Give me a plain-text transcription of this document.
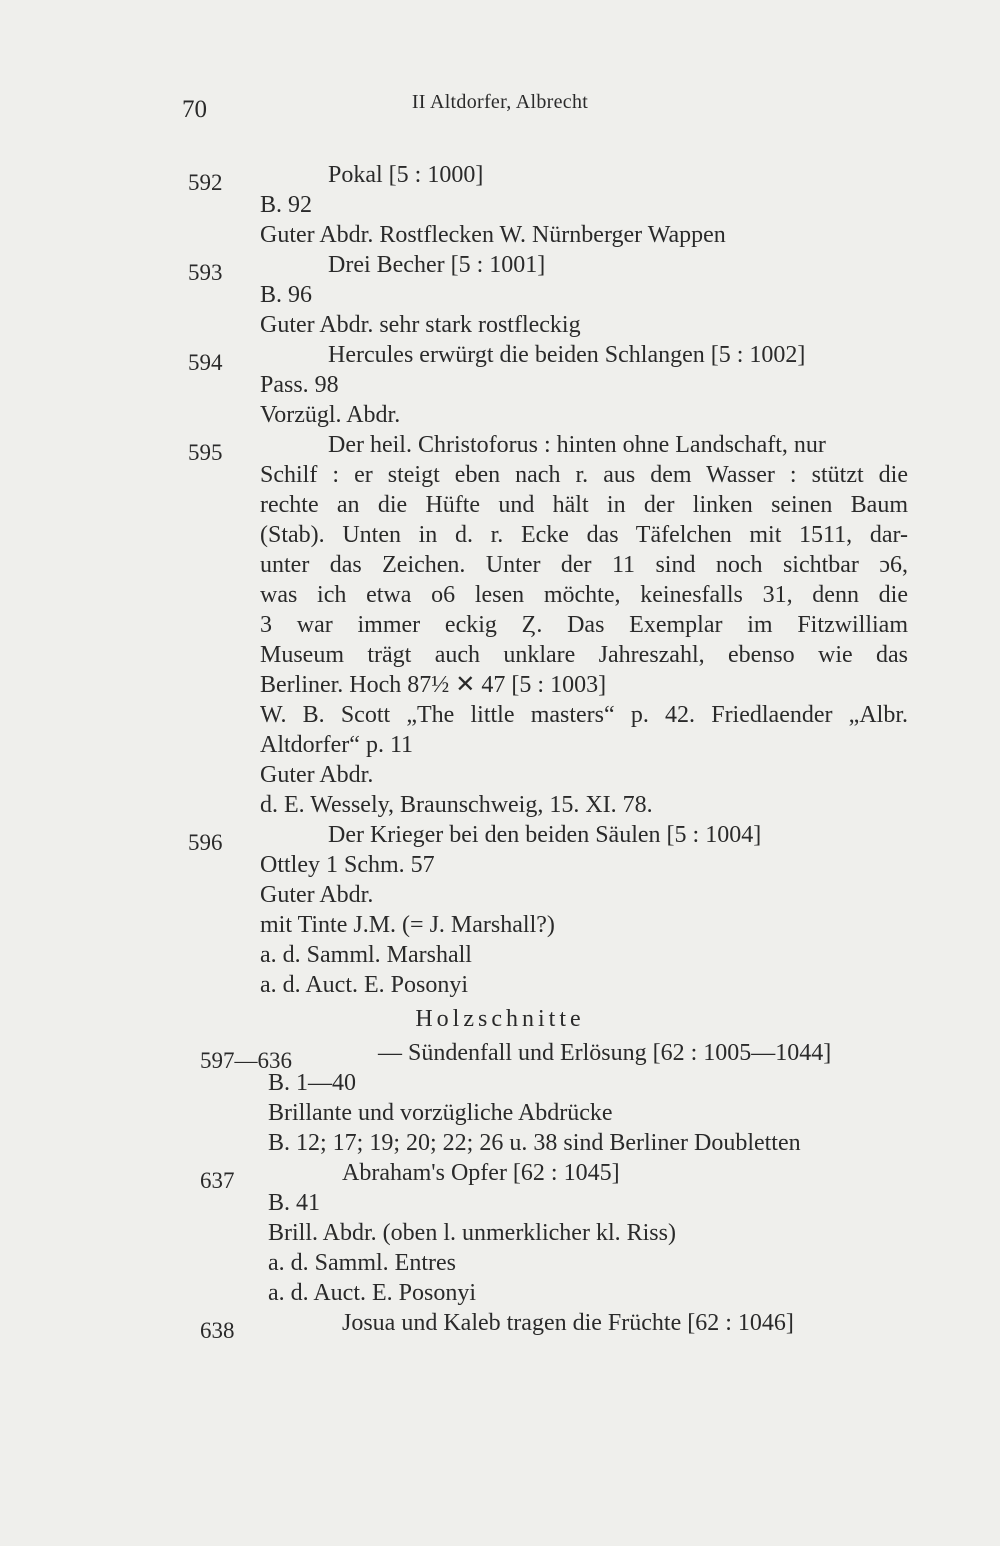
70	II Altdorfer, Albrecht
592	Pokal [5 : 1000]
B. 92
Guter Abdr. Rostflecken W. Nürnberger Wappen
593	Drei Becher [5 : 1001]
B. 96
Guter Abdr. sehr stark rostfleckig
594	Hercules erwürgt die beiden Schlangen [5 : 1002]
Pass. 98
Vorzügl. Abdr.
595	Der heil. Christoforus : hinten ohne Landschaft, nur
Schilf : er steigt eben nach r. aus dem Wasser : stützt die
rechte an die Hüfte und hält in der linken seinen Baum
(Stab). Unten in d. r. Ecke das Täfelchen mit 1511, dar-
unter das Zeichen. Unter der 11 sind noch sichtbar ɔ6,
was ich etwa o6 lesen möchte, keinesfalls 31, denn die
3 war immer eckig Ȥ. Das Exemplar im Fitzwilliam
Museum trägt auch unklare Jahreszahl, ebenso wie das
Berliner. Hoch 87½ ✕ 47 [5 : 1003]
W. B. Scott „The little masters“ p. 42. Friedlaender „Albr.
Altdorfer“ p. 11
Guter Abdr.
d. E. Wessely, Braunschweig, 15. XI. 78.
596	Der Krieger bei den beiden Säulen [5 : 1004]
Ottley 1 Schm. 57
Guter Abdr.
mit Tinte J.M. (= J. Marshall?)
a. d. Samml. Marshall
a. d. Auct. E. Posonyi
Holzschnitte
597—636	— Sündenfall und Erlösung [62 : 1005—1044]
B. 1—40
Brillante und vorzügliche Abdrücke
B. 12; 17; 19; 20; 22; 26 u. 38 sind Berliner Doubletten
637	Abraham's Opfer [62 : 1045]
B. 41
Brill. Abdr. (oben l. unmerklicher kl. Riss)
a. d. Samml. Entres
a. d. Auct. E. Posonyi
638	Josua und Kaleb tragen die Früchte [62 : 1046]
